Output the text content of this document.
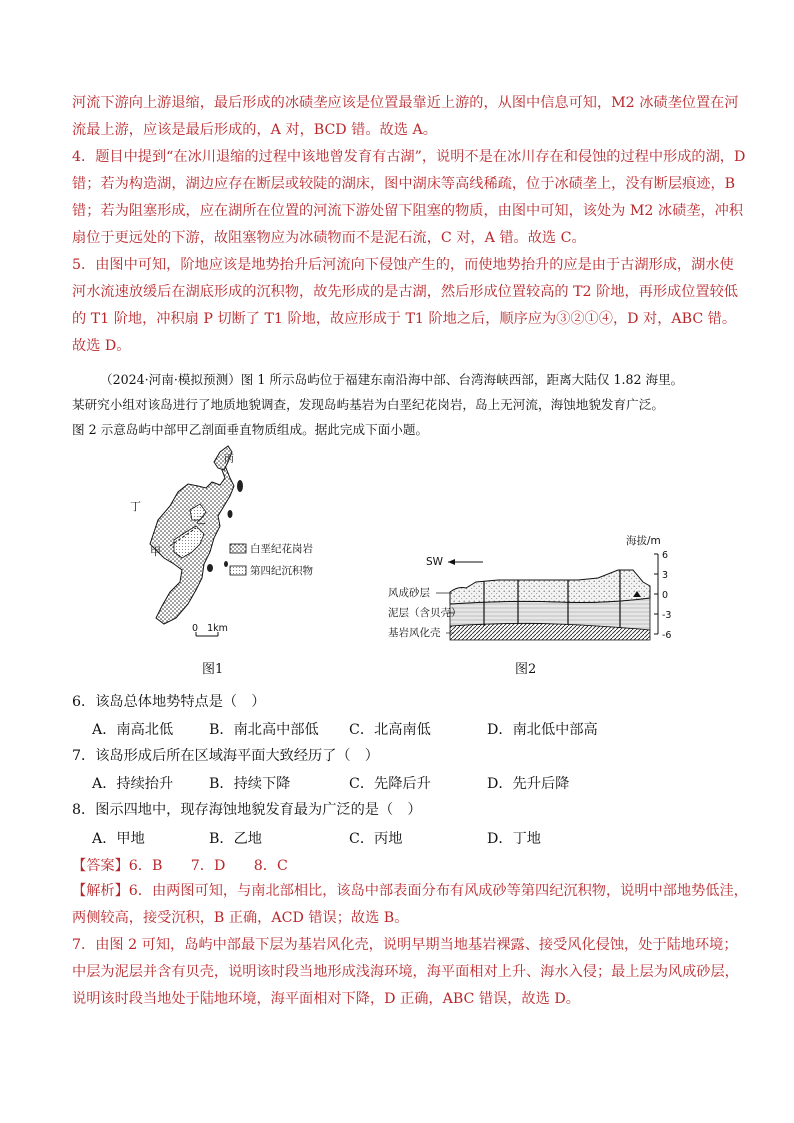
河流下游向上游退缩，最后形成的冰碛垄应该是位置最靠近上游的，从图中信息可知，M2 冰碛垄位置在河
流最上游，应该是最后形成的，A 对，BCD 错。故选 A。
4．题目中提到“在冰川退缩的过程中该地曾发育有古湖”，说明不是在冰川存在和侵蚀的过程中形成的湖，D
错；若为构造湖，湖边应存在断层或较陡的湖床，图中湖床等高线稀疏，位于冰碛垄上，没有断层痕迹，B
错；若为阻塞形成，应在湖所在位置的河流下游处留下阻塞的物质，由图中可知，该处为 M2 冰碛垄，冲积
扇位于更远处的下游，故阻塞物应为冰碛物而不是泥石流，C 对，A 错。故选 C。
5．由图中可知，阶地应该是地势抬升后河流向下侵蚀产生的，而使地势抬升的应是由于古湖形成，湖水使
河水流速放缓后在湖底形成的沉积物，故先形成的是古湖，然后形成位置较高的 T2 阶地，再形成位置较低
的 T1 阶地，冲积扇 P 切断了 T1 阶地，故应形成于 T1 阶地之后，顺序应为③②①④，D 对，ABC 错。
故选 D。
（2024·河南·模拟预测）图 1 所示岛屿位于福建东南沿海中部、台湾海峡西部，距离大陆仅 1.82 海里。
某研究小组对该岛进行了地质地貌调查，发现岛屿基岩为白垩纪花岗岩，岛上无河流，海蚀地貌发育广泛。
图 2 示意岛屿中部甲乙剖面垂直物质组成。据此完成下面小题。
丙
丁
甲
乙
白垩纪花岗岩
第四纪沉积物
0   1km
图1
海拔/m
SW
6
3
0
-3
-6
风成砂层
泥层（含贝壳）
基岩风化壳
图2
6．该岛总体地势特点是（　）
A．南高北低	B．南北高中部低 C．北高南低	D．南北低中部高
7．该岛形成后所在区域海平面大致经历了（　）
A．持续抬升	B．持续下降	C．先降后升	D．先升后降
8．图示四地中，现存海蚀地貌发育最为广泛的是（　）
A．甲地	B．乙地	C．丙地	D．丁地
【答案】6．B　　7．D　　8．C
【解析】6．由两图可知，与南北部相比，该岛中部表面分布有风成砂等第四纪沉积物，说明中部地势低洼，
两侧较高，接受沉积，B 正确，ACD 错误；故选 B。
7．由图 2 可知，岛屿中部最下层为基岩风化壳，说明早期当地基岩裸露、接受风化侵蚀，处于陆地环境；
中层为泥层并含有贝壳，说明该时段当地形成浅海环境，海平面相对上升、海水入侵；最上层为风成砂层，
说明该时段当地处于陆地环境，海平面相对下降，D 正确，ABC 错误，故选 D。
